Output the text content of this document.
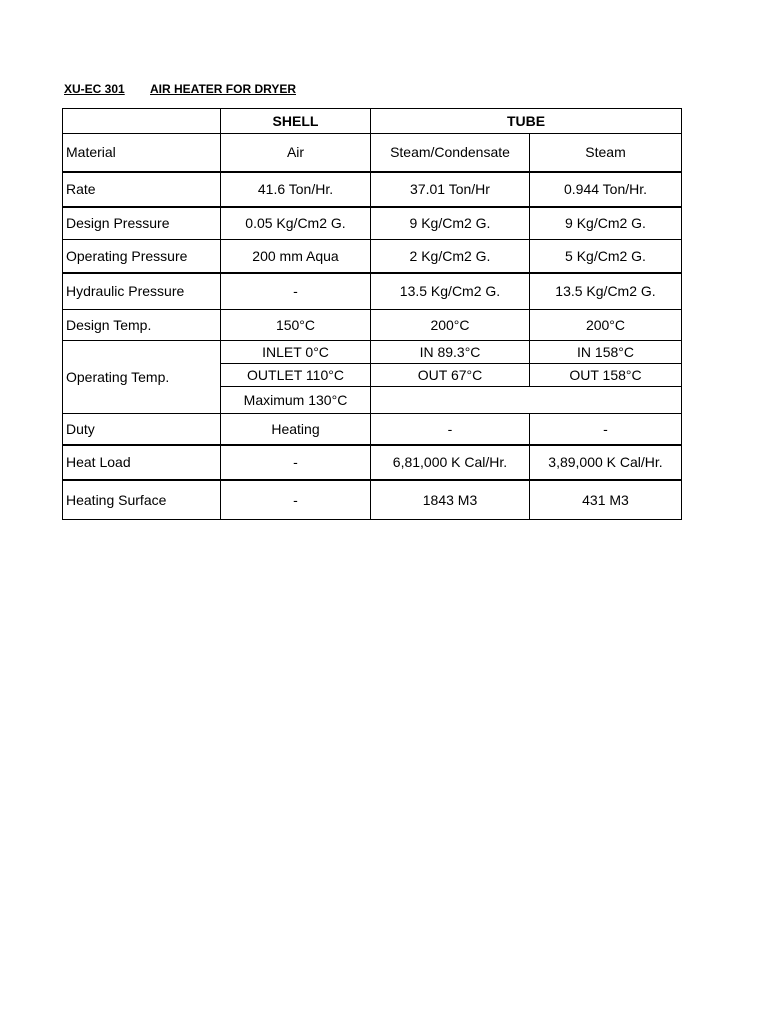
XU-EC 301 AIR HEATER FOR DRYER
	SHELL	TUBE	
Material	Air	Steam/Condensate	Steam
Rate	41.6 Ton/Hr.	37.01 Ton/Hr	0.944 Ton/Hr.
Design Pressure	0.05 Kg/Cm2 G.	9 Kg/Cm2 G.	9 Kg/Cm2 G.
Operating Pressure	200 mm Aqua	2 Kg/Cm2 G.	5 Kg/Cm2 G.
Hydraulic Pressure	-	13.5 Kg/Cm2 G.	13.5 Kg/Cm2 G.
Design Temp.	150°C	200°C	200°C
Operating Temp.	INLET 0°C	IN 89.3°C	IN 158°C
	OUTLET 110°C	OUT 67°C	OUT 158°C
	Maximum 130°C		
Duty	Heating	-	-
Heat Load	-	6,81,000 K Cal/Hr.	3,89,000 K Cal/Hr.
Heating Surface	-	1843 M3	431 M3
